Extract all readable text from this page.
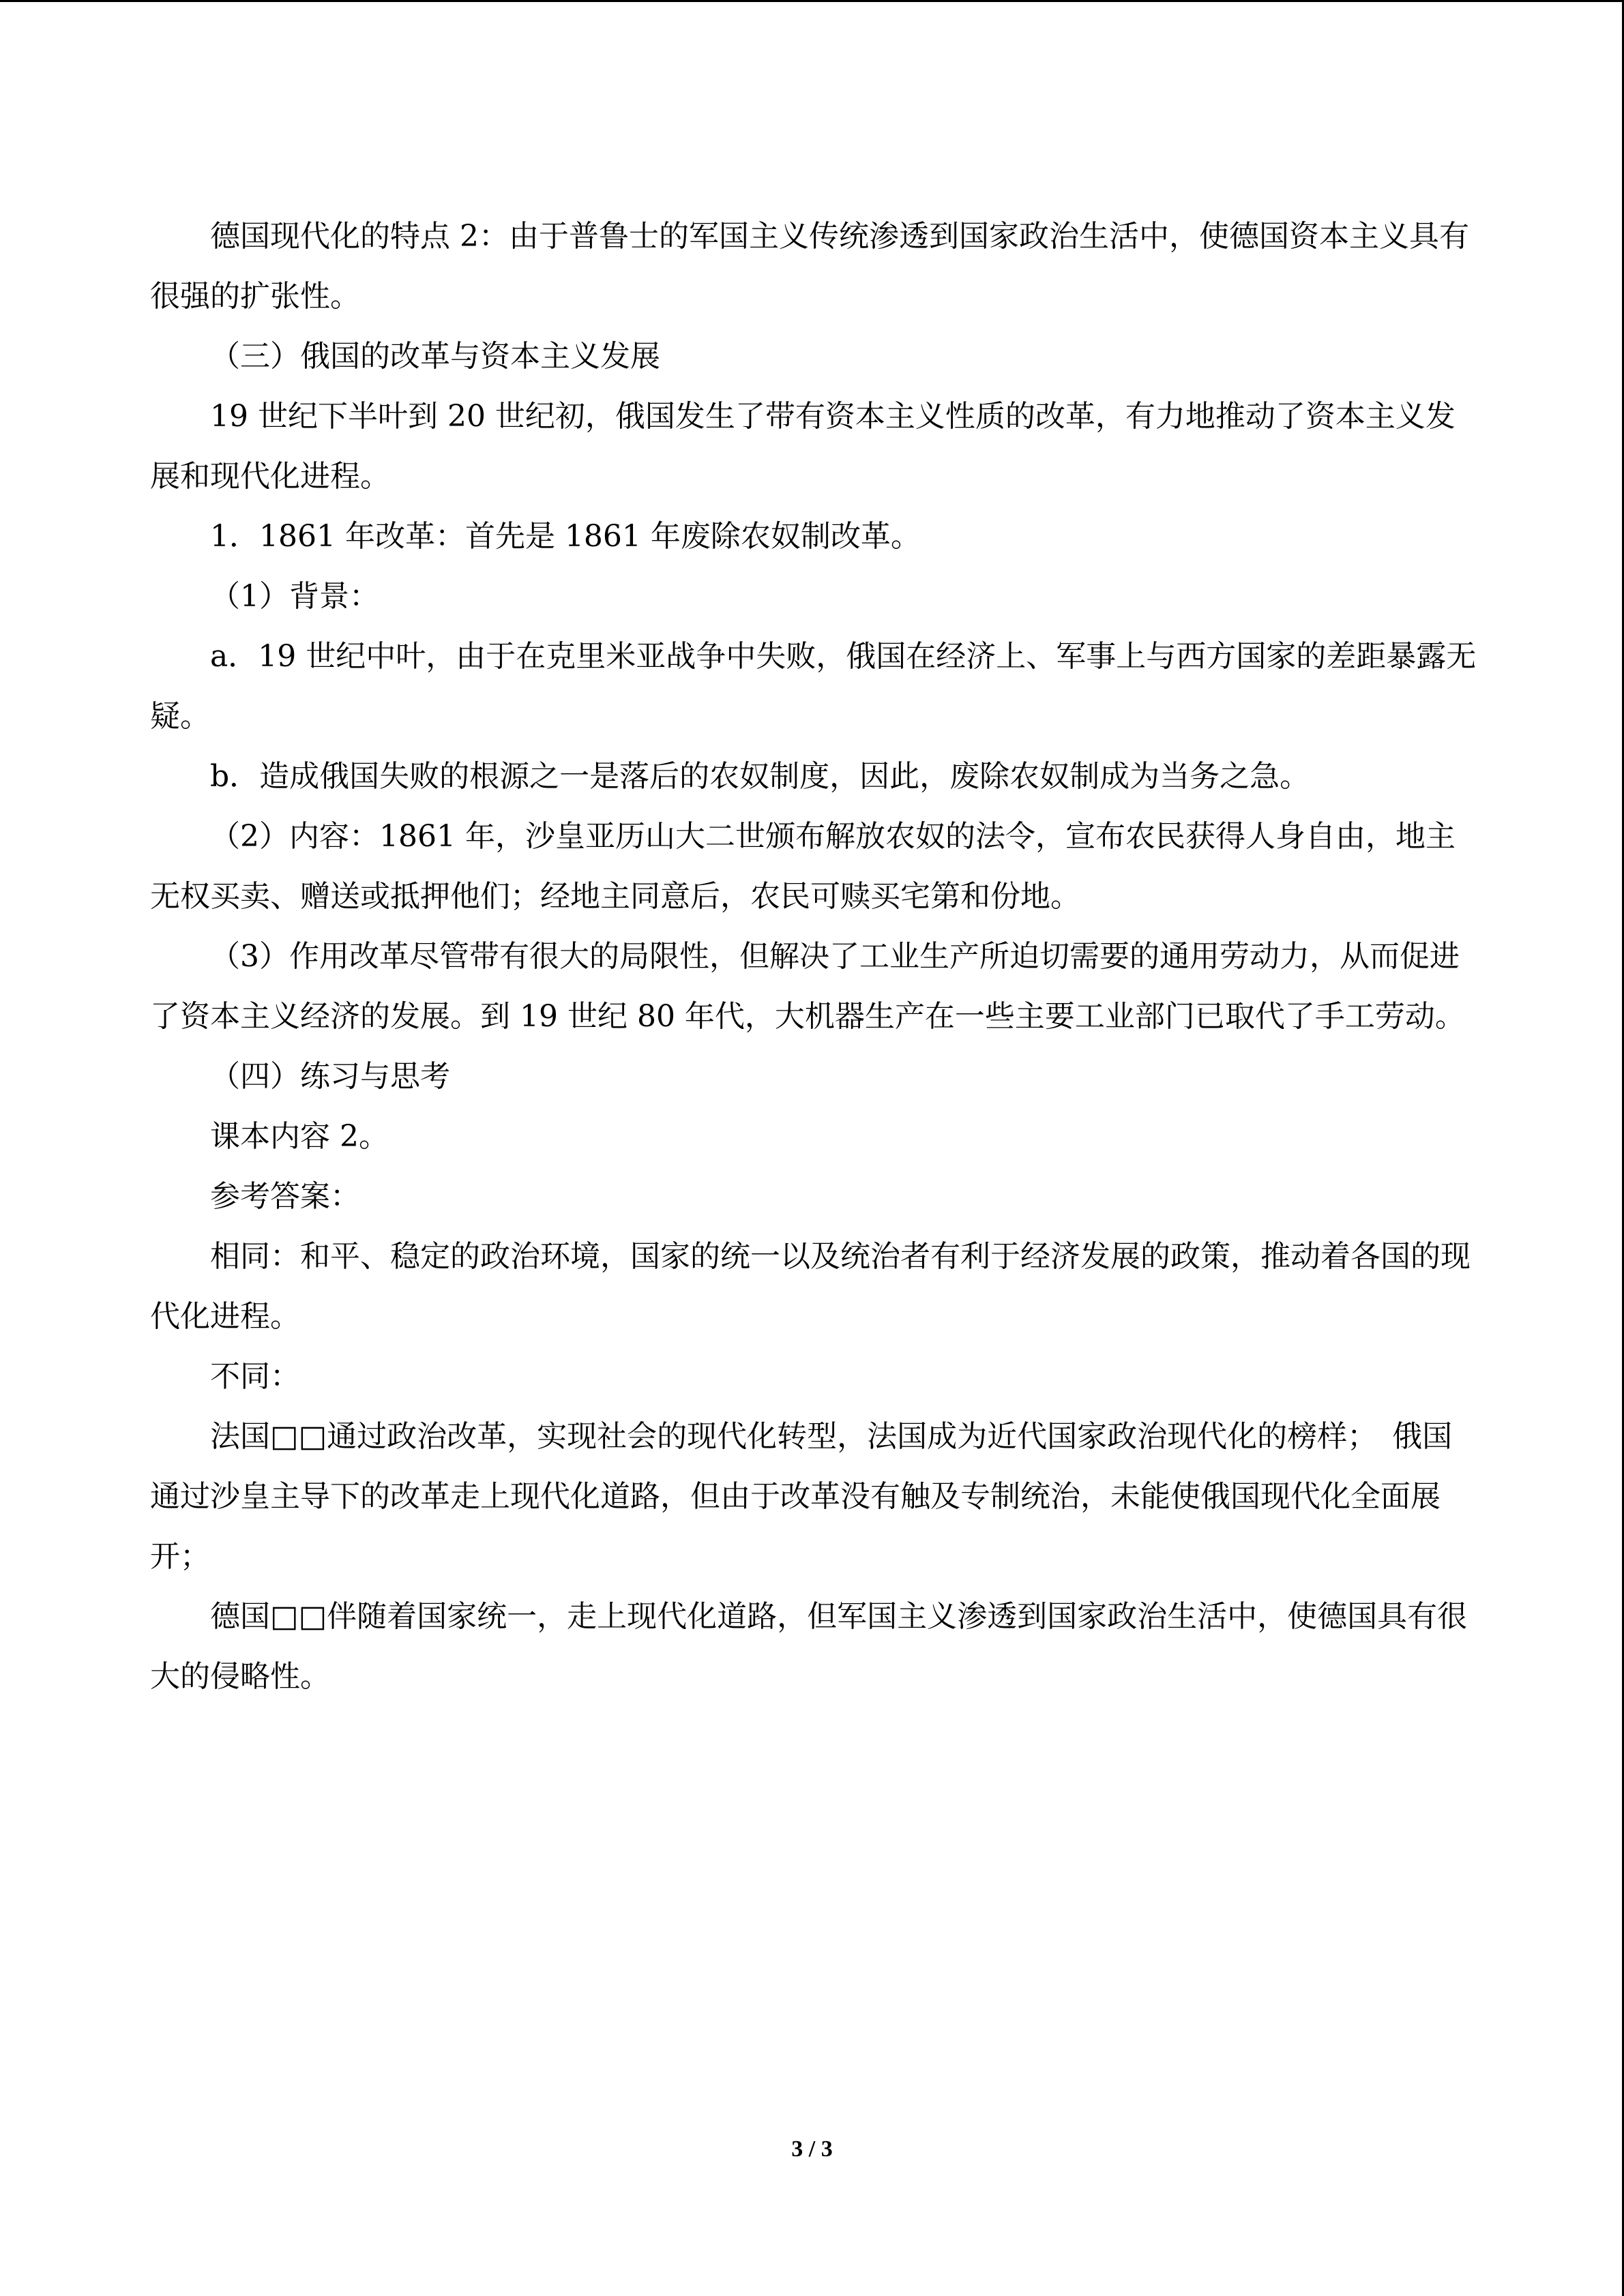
德国现代化的特点 2：由于普鲁士的军国主义传统渗透到国家政治生活中，使德国资本主义具有很强的扩张性。

（三）俄国的改革与资本主义发展

19 世纪下半叶到 20 世纪初，俄国发生了带有资本主义性质的改革，有力地推动了资本主义发展和现代化进程。

1．1861 年改革：首先是 1861 年废除农奴制改革。

（1）背景：

a．19 世纪中叶，由于在克里米亚战争中失败，俄国在经济上、军事上与西方国家的差距暴露无疑。

b．造成俄国失败的根源之一是落后的农奴制度，因此，废除农奴制成为当务之急。

（2）内容：1861 年，沙皇亚历山大二世颁布解放农奴的法令，宣布农民获得人身自由，地主无权买卖、赠送或抵押他们；经地主同意后，农民可赎买宅第和份地。

（3）作用改革尽管带有很大的局限性，但解决了工业生产所迫切需要的通用劳动力，从而促进了资本主义经济的发展。到 19 世纪 80 年代，大机器生产在一些主要工业部门已取代了手工劳动。

（四）练习与思考

课本内容 2。

参考答案：

相同：和平、稳定的政治环境，国家的统一以及统治者有利于经济发展的政策，推动着各国的现代化进程。

不同：

法国□□通过政治改革，实现社会的现代化转型，法国成为近代国家政治现代化的榜样；　俄国通过沙皇主导下的改革走上现代化道路，但由于改革没有触及专制统治，未能使俄国现代化全面展开；

德国□□伴随着国家统一，走上现代化道路，但军国主义渗透到国家政治生活中，使德国具有很大的侵略性。

3 / 3
